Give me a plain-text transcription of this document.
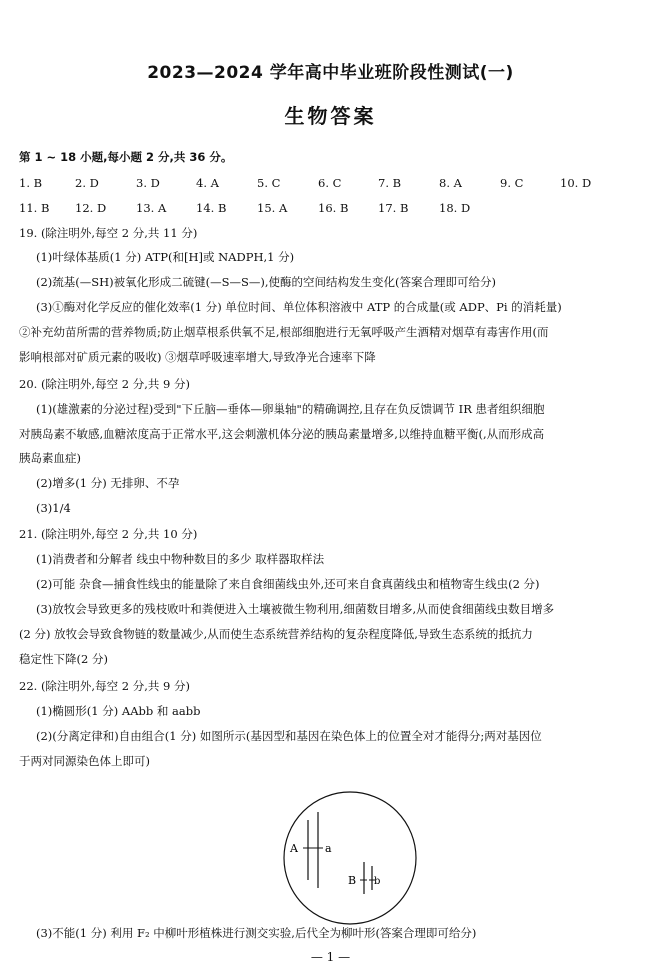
2023—2024 学年高中毕业班阶段性测试(一)
生物答案
第 1 ~ 18 小题,每小题 2 分,共 36 分。
1. B	2. D	3. D	4. A	5. C	6. C	7. B	8. A	9. C	10. D
11. B 12. D	13. A	14. B	15. A	16. B	17. B	18. D
19. (除注明外,每空 2 分,共 11 分)
(1)叶绿体基质(1 分) ATP(和[H]或 NADPH,1 分)
(2)巯基(—SH)被氧化形成二硫键(—S—S—),使酶的空间结构发生变化(答案合理即可给分)
(3)①酶对化学反应的催化效率(1 分) 单位时间、单位体积溶液中 ATP 的合成量(或 ADP、Pi 的消耗量)
②补充幼苗所需的营养物质;防止烟草根系供氧不足,根部细胞进行无氧呼吸产生酒精对烟草有毒害作用(而
影响根部对矿质元素的吸收) ③烟草呼吸速率增大,导致净光合速率下降
20. (除注明外,每空 2 分,共 9 分)
(1)(雄激素的分泌过程)受到"下丘脑—垂体—卵巢轴"的精确调控,且存在负反馈调节 IR 患者组织细胞
对胰岛素不敏感,血糖浓度高于正常水平,这会刺激机体分泌的胰岛素量增多,以维持血糖平衡(,从而形成高
胰岛素血症)
(2)增多(1 分) 无排卵、不孕
(3)1/4
21. (除注明外,每空 2 分,共 10 分)
(1)消费者和分解者 线虫中物种数目的多少 取样器取样法
(2)可能 杂食—捕食性线虫的能量除了来自食细菌线虫外,还可来自食真菌线虫和植物寄生线虫(2 分)
(3)放牧会导致更多的残枝败叶和粪便进入土壤被微生物利用,细菌数目增多,从而使食细菌线虫数目增多
(2 分) 放牧会导致食物链的数量减少,从而使生态系统营养结构的复杂程度降低,导致生态系统的抵抗力
稳定性下降(2 分)
22. (除注明外,每空 2 分,共 9 分)
(1)椭圆形(1 分) AAbb 和 aabb
(2)(分离定律和)自由组合(1 分) 如图所示(基因型和基因在染色体上的位置全对才能得分;两对基因位
于两对同源染色体上即可)
A a
B b
(3)不能(1 分) 利用 F₂ 中柳叶形植株进行测交实验,后代全为柳叶形(答案合理即可给分)
— 1 —
